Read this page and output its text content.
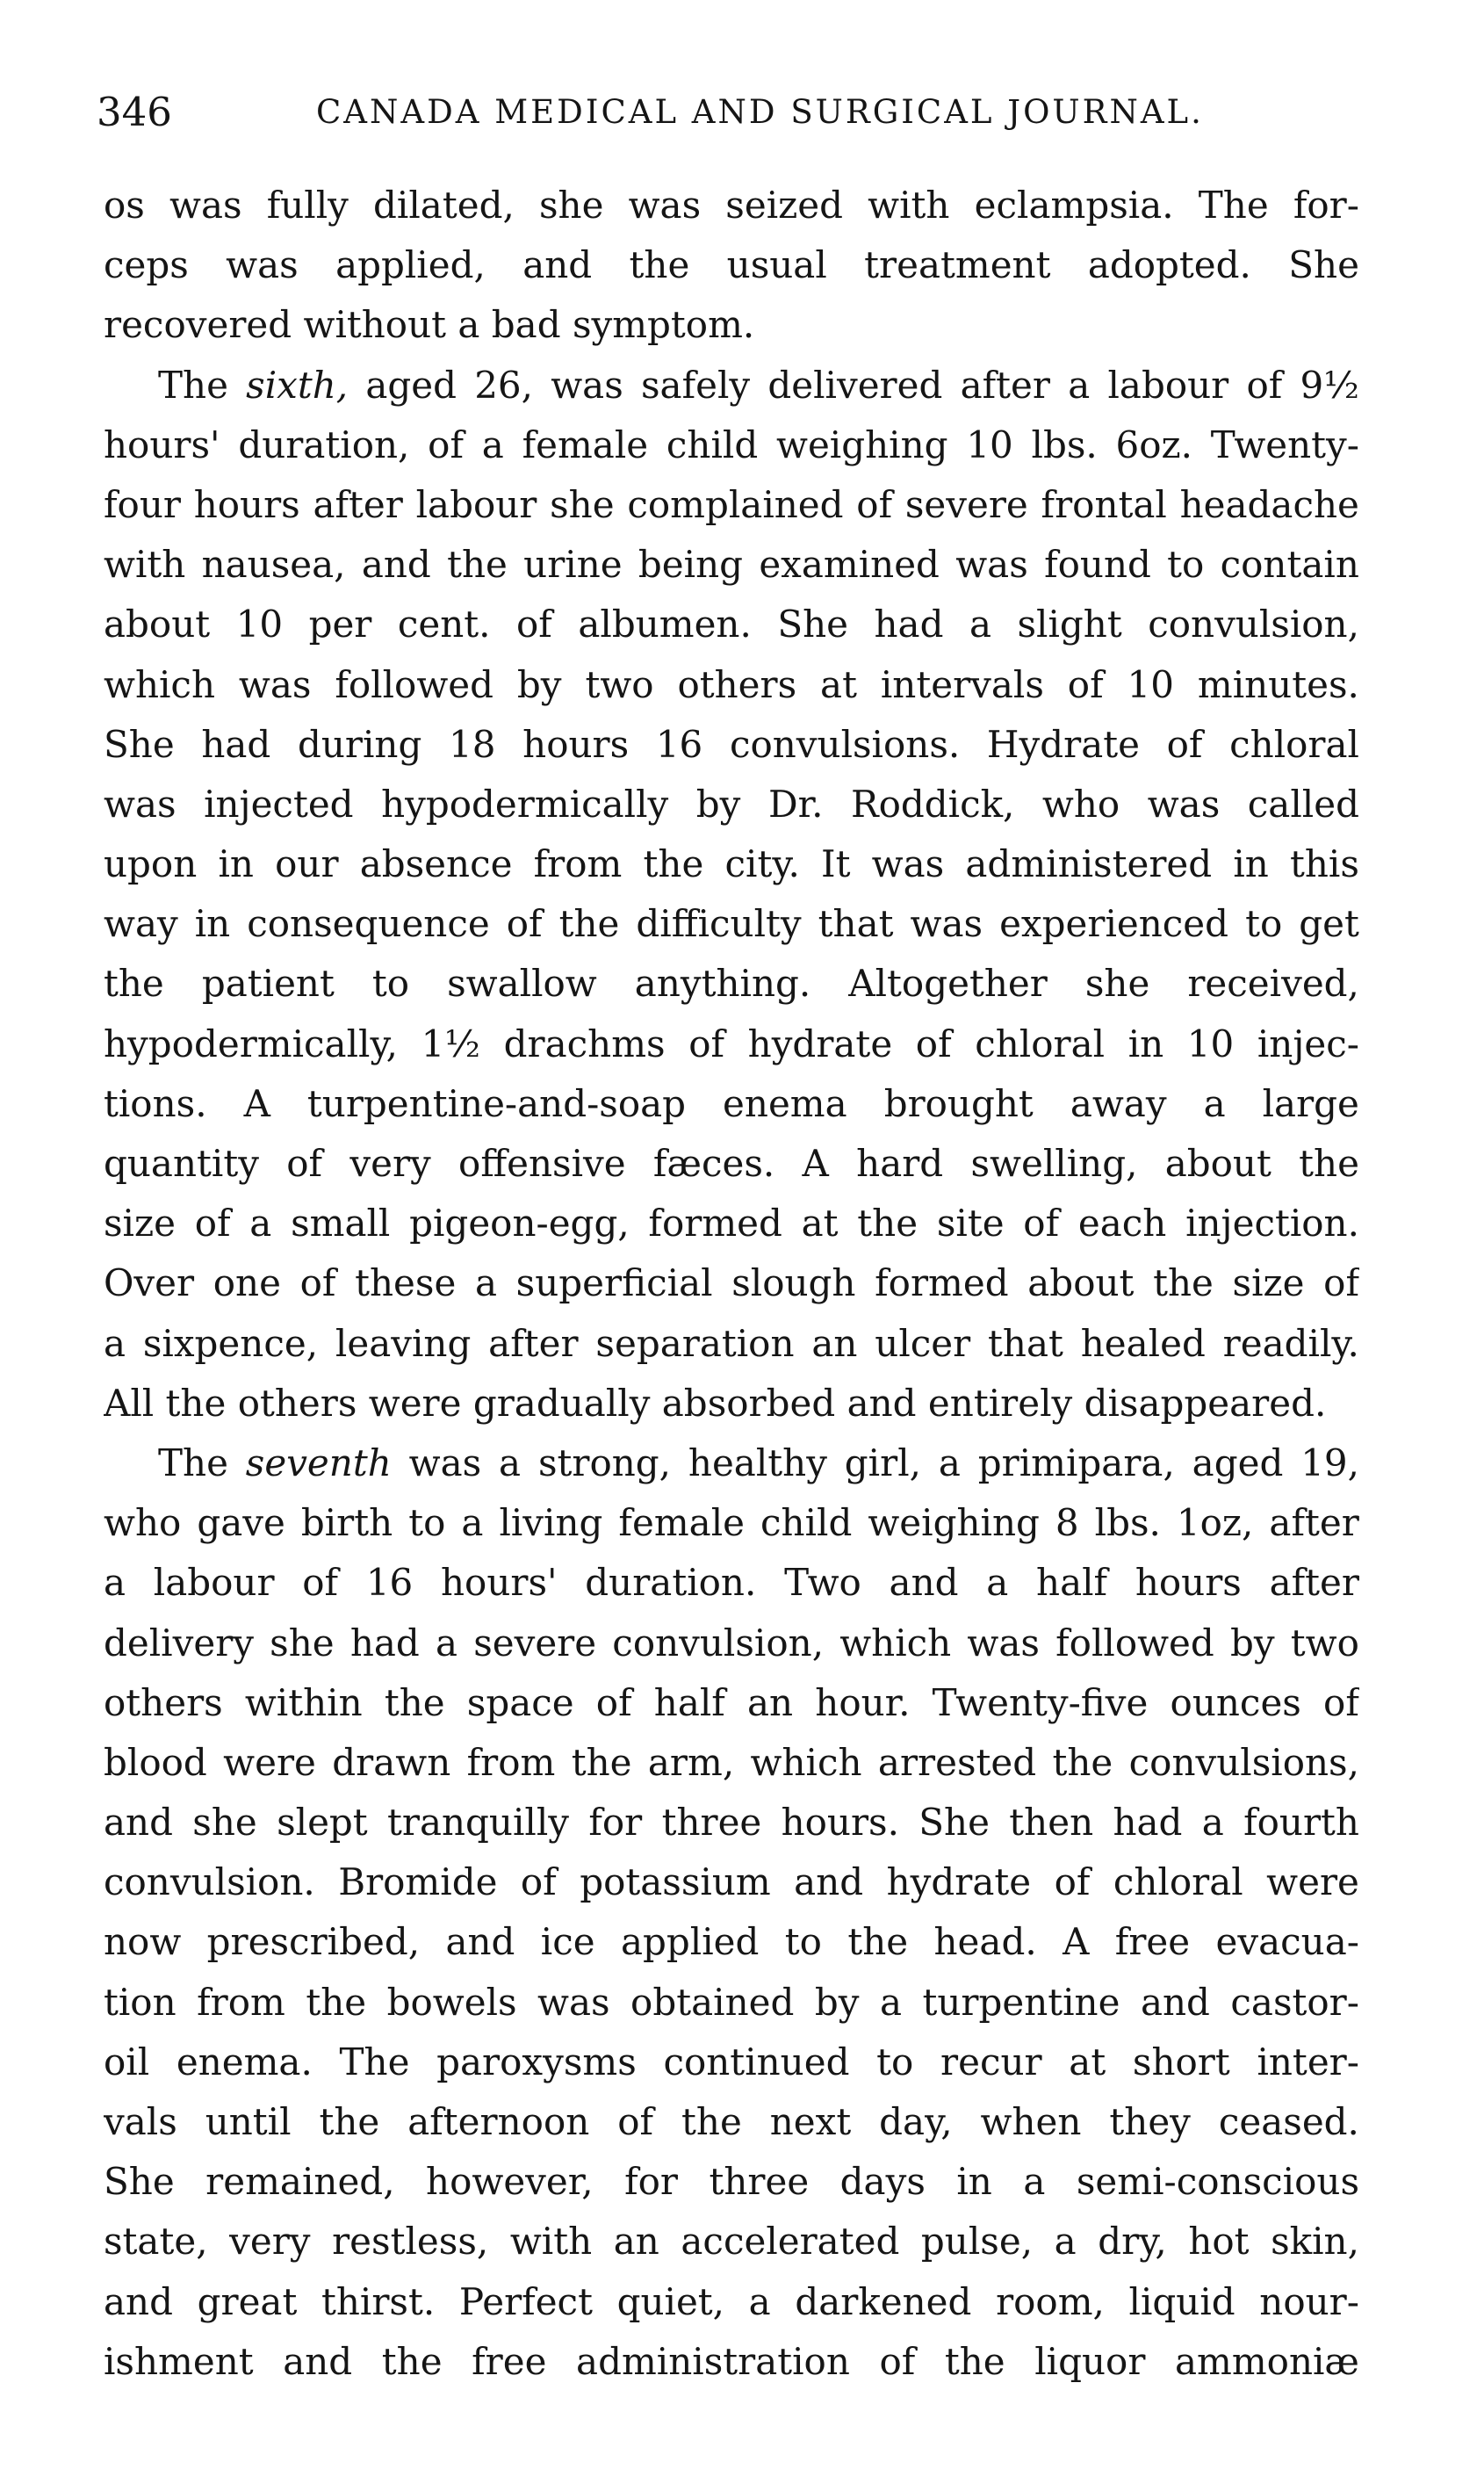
346	CANADA MEDICAL AND SURGICAL JOURNAL.
os was fully dilated, she was seized with eclampsia. The for-
ceps was applied, and the usual treatment adopted. She
recovered without a bad symptom.
The sixth, aged 26, was safely delivered after a labour of 9½
hours' duration, of a female child weighing 10 lbs. 6oz. Twenty-
four hours after labour she complained of severe frontal headache
with nausea, and the urine being examined was found to contain
about 10 per cent. of albumen. She had a slight convulsion,
which was followed by two others at intervals of 10 minutes.
She had during 18 hours 16 convulsions. Hydrate of chloral
was injected hypodermically by Dr. Roddick, who was called
upon in our absence from the city. It was administered in this
way in consequence of the difficulty that was experienced to get
the patient to swallow anything. Altogether she received,
hypodermically, 1½ drachms of hydrate of chloral in 10 injec-
tions. A turpentine-and-soap enema brought away a large
quantity of very offensive fæces. A hard swelling, about the
size of a small pigeon-egg, formed at the site of each injection.
Over one of these a superficial slough formed about the size of
a sixpence, leaving after separation an ulcer that healed readily.
All the others were gradually absorbed and entirely disappeared.
The seventh was a strong, healthy girl, a primipara, aged 19,
who gave birth to a living female child weighing 8 lbs. 1oz, after
a labour of 16 hours' duration. Two and a half hours after
delivery she had a severe convulsion, which was followed by two
others within the space of half an hour. Twenty-five ounces of
blood were drawn from the arm, which arrested the convulsions,
and she slept tranquilly for three hours. She then had a fourth
convulsion. Bromide of potassium and hydrate of chloral were
now prescribed, and ice applied to the head. A free evacua-
tion from the bowels was obtained by a turpentine and castor-
oil enema. The paroxysms continued to recur at short inter-
vals until the afternoon of the next day, when they ceased.
She remained, however, for three days in a semi-conscious
state, very restless, with an accelerated pulse, a dry, hot skin,
and great thirst. Perfect quiet, a darkened room, liquid nour-
ishment and the free administration of the liquor ammoniæ
